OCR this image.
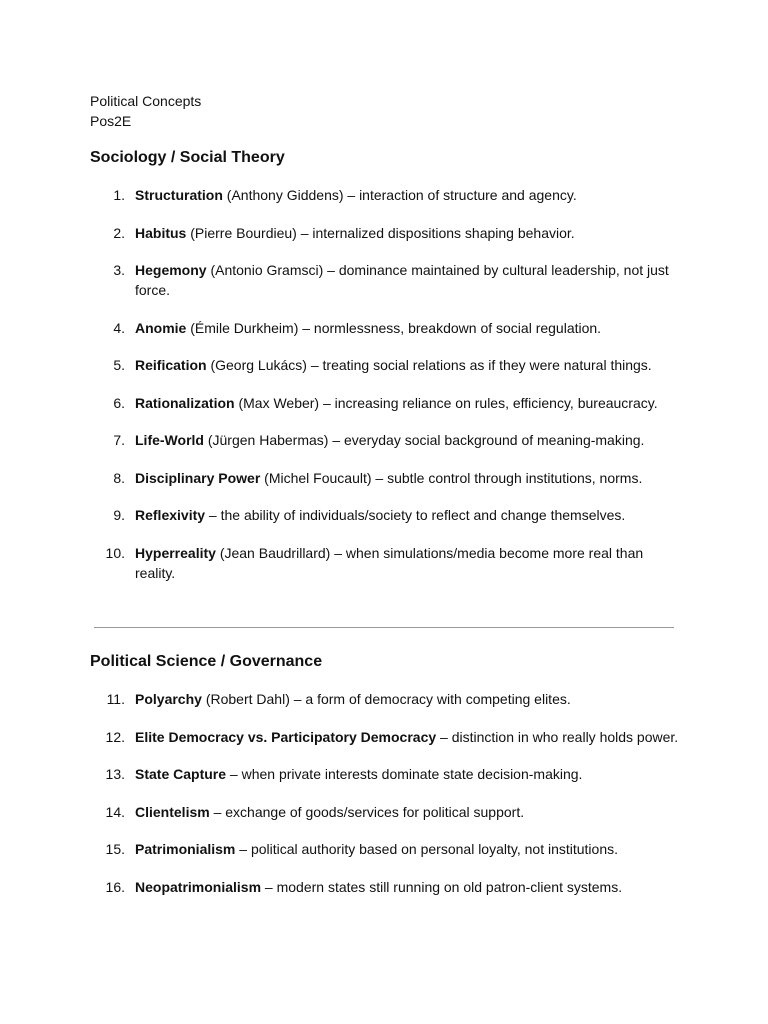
Political Concepts
Pos2E
Sociology / Social Theory
1. Structuration (Anthony Giddens) – interaction of structure and agency.
2. Habitus (Pierre Bourdieu) – internalized dispositions shaping behavior.
3. Hegemony (Antonio Gramsci) – dominance maintained by cultural leadership, not just force.
4. Anomie (Émile Durkheim) – normlessness, breakdown of social regulation.
5. Reification (Georg Lukács) – treating social relations as if they were natural things.
6. Rationalization (Max Weber) – increasing reliance on rules, efficiency, bureaucracy.
7. Life-World (Jürgen Habermas) – everyday social background of meaning-making.
8. Disciplinary Power (Michel Foucault) – subtle control through institutions, norms.
9. Reflexivity – the ability of individuals/society to reflect and change themselves.
10. Hyperreality (Jean Baudrillard) – when simulations/media become more real than reality.
Political Science / Governance
11. Polyarchy (Robert Dahl) – a form of democracy with competing elites.
12. Elite Democracy vs. Participatory Democracy – distinction in who really holds power.
13. State Capture – when private interests dominate state decision-making.
14. Clientelism – exchange of goods/services for political support.
15. Patrimonialism – political authority based on personal loyalty, not institutions.
16. Neopatrimonialism – modern states still running on old patron-client systems.
